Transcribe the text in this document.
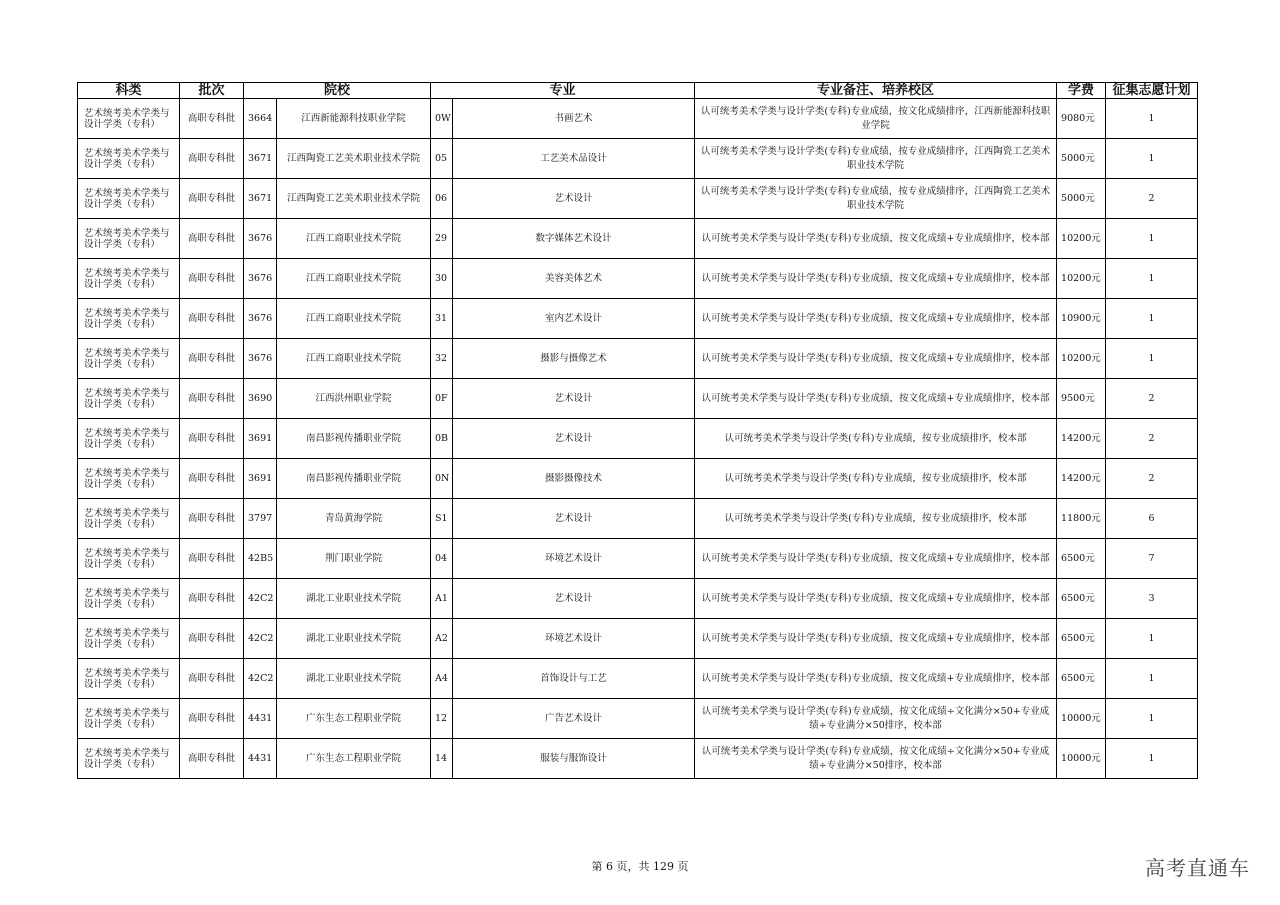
科类	批次	院校		专业		专业备注、培养校区	学费	征集志愿计划
艺术统考美术学类与设计学类（专科）	高职专科批	3664	江西新能源科技职业学院	0W	书画艺术	认可统考美术学类与设计学类(专科)专业成绩，按文化成绩排序，江西新能源科技职业学院	9080元	1
艺术统考美术学类与设计学类（专科）	高职专科批	3671	江西陶瓷工艺美术职业技术学院	05	工艺美术品设计	认可统考美术学类与设计学类(专科)专业成绩，按专业成绩排序，江西陶瓷工艺美术职业技术学院	5000元	1
艺术统考美术学类与设计学类（专科）	高职专科批	3671	江西陶瓷工艺美术职业技术学院	06	艺术设计	认可统考美术学类与设计学类(专科)专业成绩，按专业成绩排序，江西陶瓷工艺美术职业技术学院	5000元	2
艺术统考美术学类与设计学类（专科）	高职专科批	3676	江西工商职业技术学院	29	数字媒体艺术设计	认可统考美术学类与设计学类(专科)专业成绩，按文化成绩+专业成绩排序，校本部	10200元	1
艺术统考美术学类与设计学类（专科）	高职专科批	3676	江西工商职业技术学院	30	美容美体艺术	认可统考美术学类与设计学类(专科)专业成绩，按文化成绩+专业成绩排序，校本部	10200元	1
艺术统考美术学类与设计学类（专科）	高职专科批	3676	江西工商职业技术学院	31	室内艺术设计	认可统考美术学类与设计学类(专科)专业成绩，按文化成绩+专业成绩排序，校本部	10900元	1
艺术统考美术学类与设计学类（专科）	高职专科批	3676	江西工商职业技术学院	32	摄影与摄像艺术	认可统考美术学类与设计学类(专科)专业成绩，按文化成绩+专业成绩排序，校本部	10200元	1
艺术统考美术学类与设计学类（专科）	高职专科批	3690	江西洪州职业学院	0F	艺术设计	认可统考美术学类与设计学类(专科)专业成绩，按文化成绩+专业成绩排序，校本部	9500元	2
艺术统考美术学类与设计学类（专科）	高职专科批	3691	南昌影视传播职业学院	0B	艺术设计	认可统考美术学类与设计学类(专科)专业成绩，按专业成绩排序，校本部	14200元	2
艺术统考美术学类与设计学类（专科）	高职专科批	3691	南昌影视传播职业学院	0N	摄影摄像技术	认可统考美术学类与设计学类(专科)专业成绩，按专业成绩排序，校本部	14200元	2
艺术统考美术学类与设计学类（专科）	高职专科批	3797	青岛黄海学院	S1	艺术设计	认可统考美术学类与设计学类(专科)专业成绩，按专业成绩排序，校本部	11800元	6
艺术统考美术学类与设计学类（专科）	高职专科批	42B5	荆门职业学院	04	环境艺术设计	认可统考美术学类与设计学类(专科)专业成绩，按文化成绩+专业成绩排序，校本部	6500元	7
艺术统考美术学类与设计学类（专科）	高职专科批	42C2	湖北工业职业技术学院	A1	艺术设计	认可统考美术学类与设计学类(专科)专业成绩，按文化成绩+专业成绩排序，校本部	6500元	3
艺术统考美术学类与设计学类（专科）	高职专科批	42C2	湖北工业职业技术学院	A2	环境艺术设计	认可统考美术学类与设计学类(专科)专业成绩，按文化成绩+专业成绩排序，校本部	6500元	1
艺术统考美术学类与设计学类（专科）	高职专科批	42C2	湖北工业职业技术学院	A4	首饰设计与工艺	认可统考美术学类与设计学类(专科)专业成绩，按文化成绩+专业成绩排序，校本部	6500元	1
艺术统考美术学类与设计学类（专科）	高职专科批	4431	广东生态工程职业学院	12	广告艺术设计	认可统考美术学类与设计学类(专科)专业成绩，按文化成绩÷文化满分×50+专业成绩÷专业满分×50排序，校本部	10000元	1
艺术统考美术学类与设计学类（专科）	高职专科批	4431	广东生态工程职业学院	14	服装与服饰设计	认可统考美术学类与设计学类(专科)专业成绩，按文化成绩÷文化满分×50+专业成绩÷专业满分×50排序，校本部	10000元	1
第 6 页，共 129 页	高考直通车
